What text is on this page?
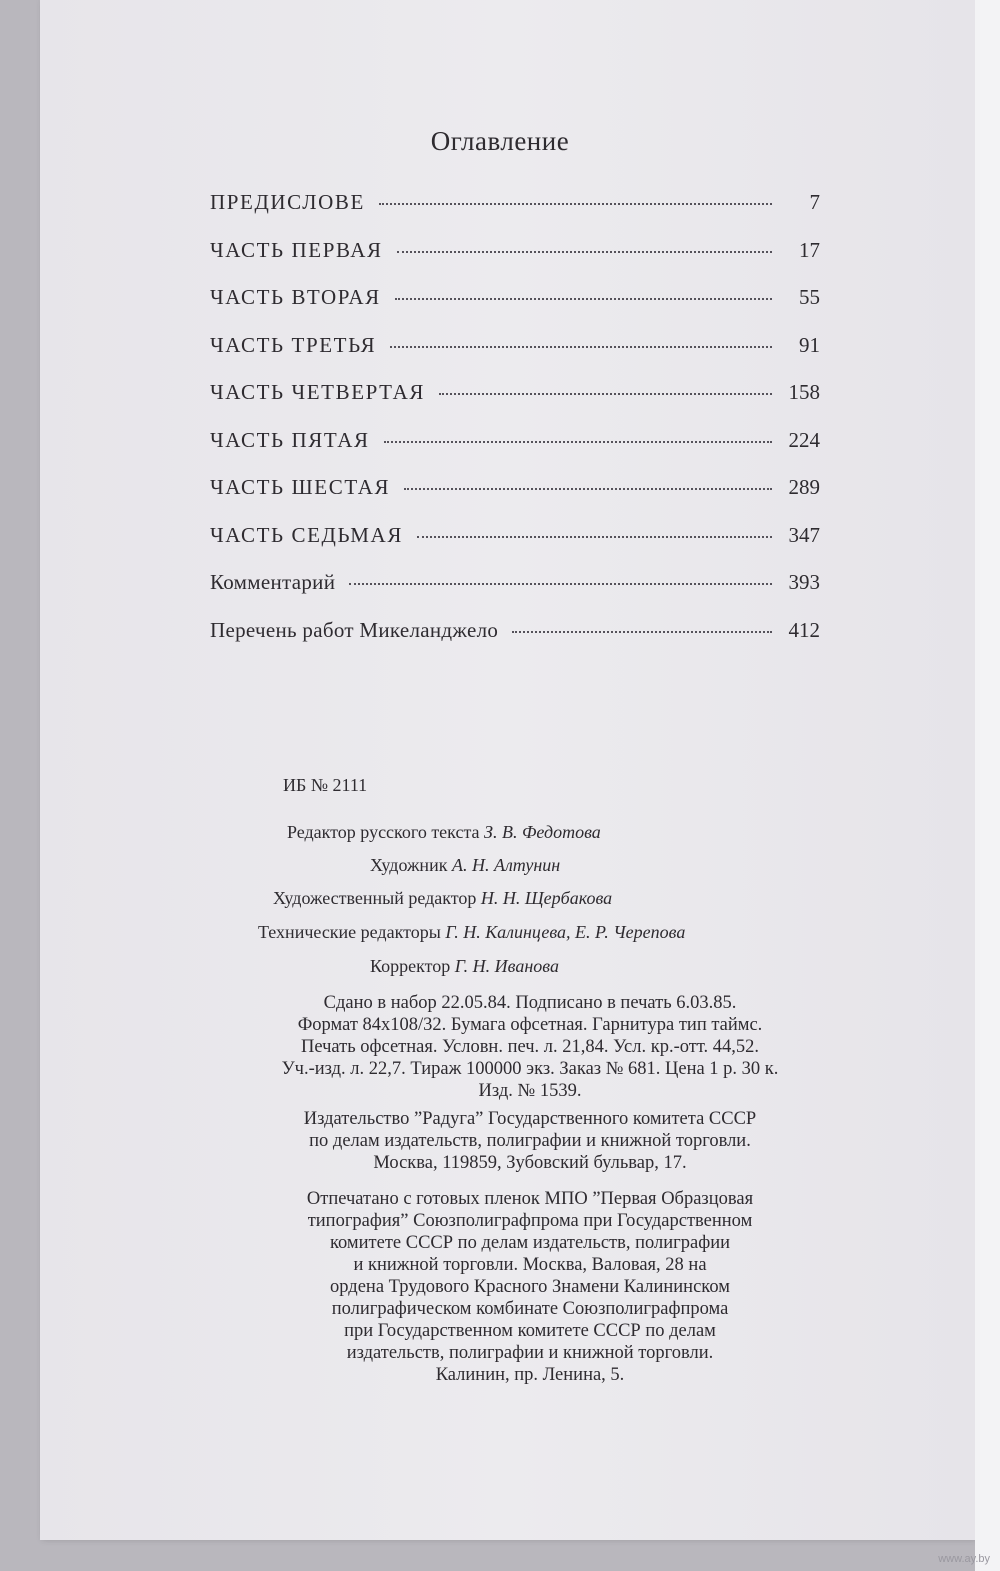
Оглавление
ПРЕДИСЛОВЕ	7
ЧАСТЬ ПЕРВАЯ	17
ЧАСТЬ ВТОРАЯ	55
ЧАСТЬ ТРЕТЬЯ	91
ЧАСТЬ ЧЕТВЕРТАЯ	158
ЧАСТЬ ПЯТАЯ	224
ЧАСТЬ ШЕСТАЯ	289
ЧАСТЬ СЕДЬМАЯ	347
Комментарий	393
Перечень работ Микеланджело	412
ИБ № 2111
Редактор русского текста З. В. Федотова
Художник А. Н. Алтунин
Художественный редактор Н. Н. Щербакова
Технические редакторы Г. Н. Калинцева, Е. Р. Черепова
Корректор Г. Н. Иванова
Сдано в набор 22.05.84. Подписано в печать 6.03.85.
Формат 84x108/32. Бумага офсетная. Гарнитура тип таймс.
Печать офсетная. Условн. печ. л. 21,84. Усл. кр.-отт. 44,52.
Уч.-изд. л. 22,7. Тираж 100000 экз. Заказ № 681. Цена 1 р. 30 к.
Изд. № 1539.
Издательство ”Радуга” Государственного комитета СССР
по делам издательств, полиграфии и книжной торговли.
Москва, 119859, Зубовский бульвар, 17.
Отпечатано с готовых пленок МПО ”Первая Образцовая
типография” Союзполиграфпрома при Государственном
комитете СССР по делам издательств, полиграфии
и книжной торговли. Москва, Валовая, 28 на
ордена Трудового Красного Знамени Калининском
полиграфическом комбинате Союзполиграфпрома
при Государственном комитете СССР по делам
издательств, полиграфии и книжной торговли.
Калинин, пр. Ленина, 5.
www.ay.by
